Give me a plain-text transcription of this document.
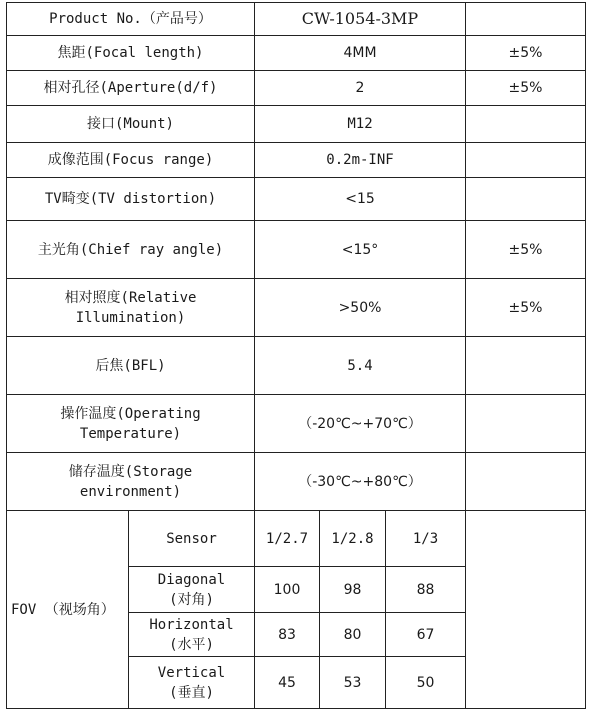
Product No.（产品号）		CW-1054-3MP			
焦距(Focal length)		4MM			±5%
相对孔径(Aperture(d/f)		2			±5%
接口(Mount)		M12			
成像范围(Focus range)		0.2m-INF			
TV畸变(TV distortion)		<15			
主光角(Chief ray angle)		<15°			±5%
相对照度(Relative
Illumination)		>50%			±5%
后焦(BFL)		5.4			
操作温度(Operating
Temperature)		（-20℃~+70℃）			
储存温度(Storage
environment)		（-30℃~+80℃）			
FOV （视场角）	Sensor	1/2.7	1/2.8	1/3	
	Diagonal
(对角)	100	98	88	
	Horizontal
(水平)	83	80	67	
	Vertical
(垂直)	45	53	50	
